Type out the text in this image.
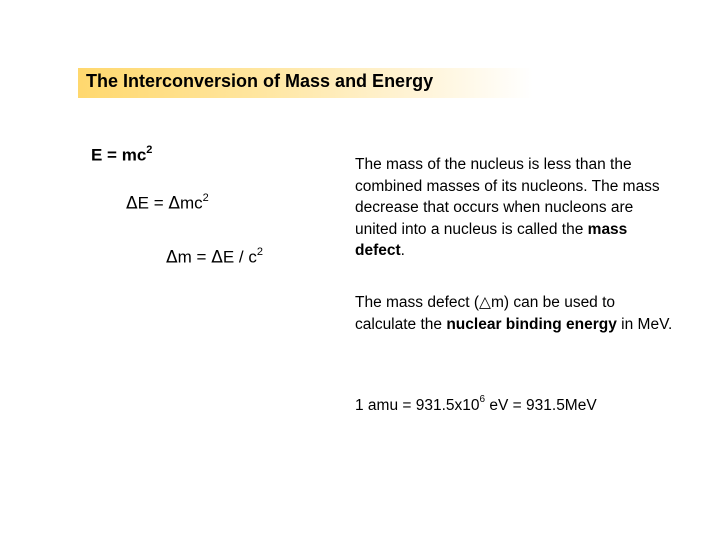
The Interconversion of Mass and Energy
$E = mc^2$
ΔE = Δmc$^2$
$\Delta m = \Delta E / c^2$
The mass of the nucleus is less than the combined masses of its nucleons. The mass decrease that occurs when nucleons are united into a nucleus is called the mass defect.
The mass defect (△m) can be used to calculate the nuclear binding energy in MeV.
1 amu = $931.5x10^6$ eV = 931.5MeV
